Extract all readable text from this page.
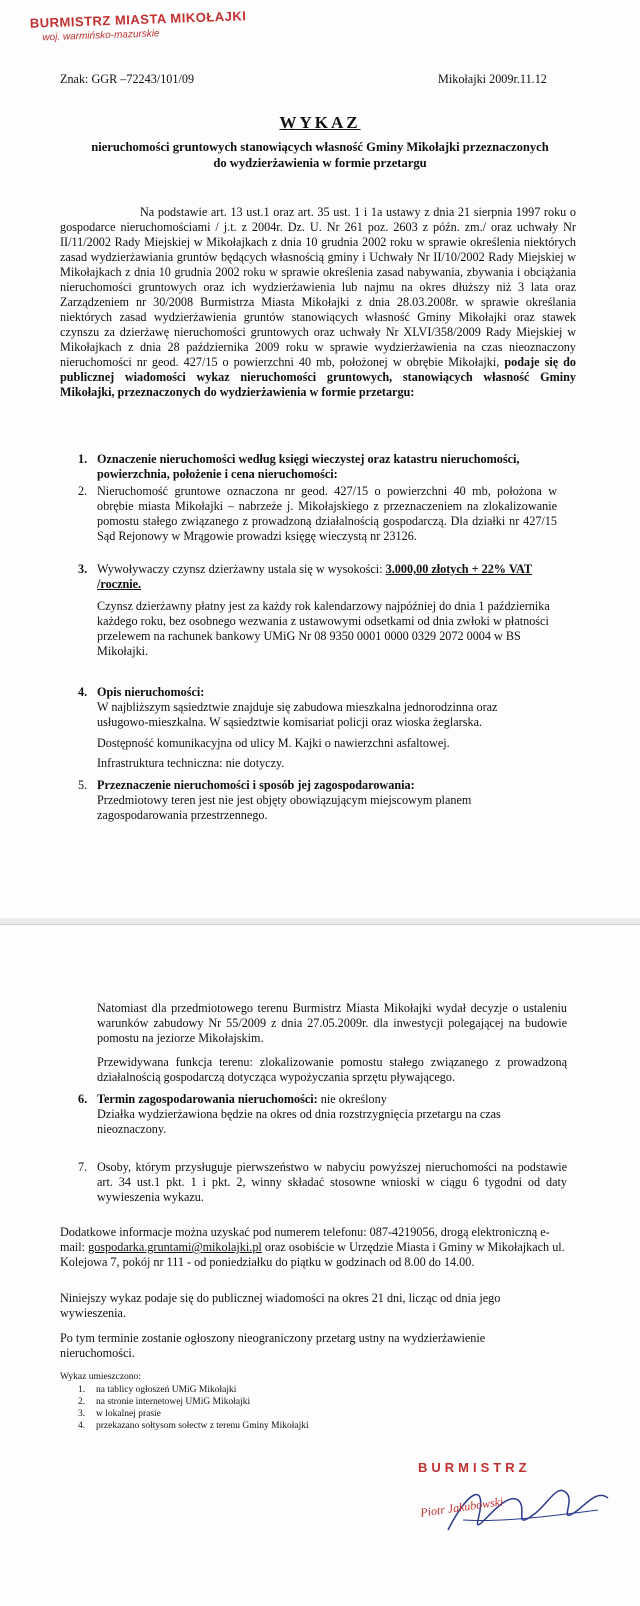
BURMISTRZ MIASTA MIKOŁAJKI
woj. warmińsko-mazurskie
Znak: GGR –72243/101/09	Mikołajki 2009r.11.12
WYKAZ
nieruchomości gruntowych stanowiących własność Gminy Mikołajki przeznaczonych
do wydzierżawienia w formie przetargu
Na podstawie art. 13 ust.1 oraz art. 35 ust. 1 i 1a ustawy z dnia 21 sierpnia 1997 roku o gospodarce nieruchomościami / j.t. z 2004r. Dz. U. Nr 261 poz. 2603 z późn. zm./ oraz uchwały Nr II/11/2002 Rady Miejskiej w Mikołajkach z dnia 10 grudnia 2002 roku w sprawie określenia niektórych zasad wydzierżawiania gruntów będących własnością gminy i Uchwały Nr II/10/2002 Rady Miejskiej w Mikołajkach z dnia 10 grudnia 2002 roku w sprawie określenia zasad nabywania, zbywania i obciążania nieruchomości gruntowych oraz ich wydzierżawienia lub najmu na okres dłuższy niż 3 lata oraz Zarządzeniem nr 30/2008 Burmistrza Miasta Mikołajki z dnia 28.03.2008r. w sprawie określania niektórych zasad wydzierżawienia gruntów stanowiących własność Gminy Mikołajki oraz stawek czynszu za dzierżawę nieruchomości gruntowych oraz uchwały Nr XLVI/358/2009 Rady Miejskiej w Mikołajkach z dnia 28 października 2009 roku w sprawie wydzierżawienia na czas nieoznaczony nieruchomości nr geod. 427/15 o powierzchni 40 mb, położonej w obrębie Mikołajki, podaje się do publicznej wiadomości wykaz nieruchomości gruntowych, stanowiących własność Gminy Mikołajki, przeznaczonych do wydzierżawienia w formie przetargu:
1. Oznaczenie nieruchomości według księgi wieczystej oraz katastru nieruchomości, powierzchnia, położenie i cena nieruchomości:
2. Nieruchomość gruntowe oznaczona nr geod. 427/15 o powierzchni 40 mb, położona w obrębie miasta Mikołajki – nabrzeże j. Mikołajskiego z przeznaczeniem na zlokalizowanie pomostu stałego związanego z prowadzoną działalnością gospodarczą. Dla działki nr 427/15 Sąd Rejonowy w Mrągowie prowadzi księgę wieczystą nr 23126.
3. Wywoływaczy czynsz dzierżawny ustala się w wysokości: 3.000,00 złotych + 22% VAT /rocznie.
Czynsz dzierżawny płatny jest za każdy rok kalendarzowy najpóźniej do dnia 1 października każdego roku, bez osobnego wezwania z ustawowymi odsetkami od dnia zwłoki w płatności przelewem na rachunek bankowy UMiG Nr 08 9350 0001 0000 0329 2072 0004 w BS Mikołajki.
4. Opis nieruchomości:
W najbliższym sąsiedztwie znajduje się zabudowa mieszkalna jednorodzinna oraz usługowo-mieszkalna. W sąsiedztwie komisariat policji oraz wioska żeglarska.
Dostępność komunikacyjna od ulicy M. Kajki o nawierzchni asfaltowej.
Infrastruktura techniczna: nie dotyczy.
5. Przeznaczenie nieruchomości i sposób jej zagospodarowania:
Przedmiotowy teren jest nie jest objęty obowiązującym miejscowym planem zagospodarowania przestrzennego.
Natomiast dla przedmiotowego terenu Burmistrz Miasta Mikołajki wydał decyzje o ustaleniu warunków zabudowy Nr 55/2009 z dnia 27.05.2009r. dla inwestycji polegającej na budowie pomostu na jeziorze Mikołajskim.
Przewidywana funkcja terenu: zlokalizowanie pomostu stałego związanego z prowadzoną działalnością gospodarczą dotycząca wypożyczania sprzętu pływającego.
6. Termin zagospodarowania nieruchomości: nie określony
Działka wydzierżawiona będzie na okres od dnia rozstrzygnięcia przetargu na czas nieoznaczony.
7. Osoby, którym przysługuje pierwszeństwo w nabyciu powyższej nieruchomości na podstawie art. 34 ust.1 pkt. 1 i pkt. 2, winny składać stosowne wnioski w ciągu 6 tygodni od daty wywieszenia wykazu.
Dodatkowe informacje można uzyskać pod numerem telefonu: 087-4219056, drogą elektroniczną e-mail: gospodarka.gruntami@mikolajki.pl oraz osobiście w Urzędzie Miasta i Gminy w Mikołajkach ul. Kolejowa 7, pokój nr 111 - od poniedziałku do piątku w godzinach od 8.00 do 14.00.
Niniejszy wykaz podaje się do publicznej wiadomości na okres 21 dni, licząc od dnia jego wywieszenia.
Po tym terminie zostanie ogłoszony nieograniczony przetarg ustny na wydzierżawienie nieruchomości.
Wykaz umieszczono:
1. na tablicy ogłoszeń UMiG Mikołajki
2. na stronie internetowej UMiG Mikołajki
3. w lokalnej prasie
4. przekazano sołtysom sołectw z terenu Gminy Mikołajki
BURMISTRZ
Piotr Jakubowski
